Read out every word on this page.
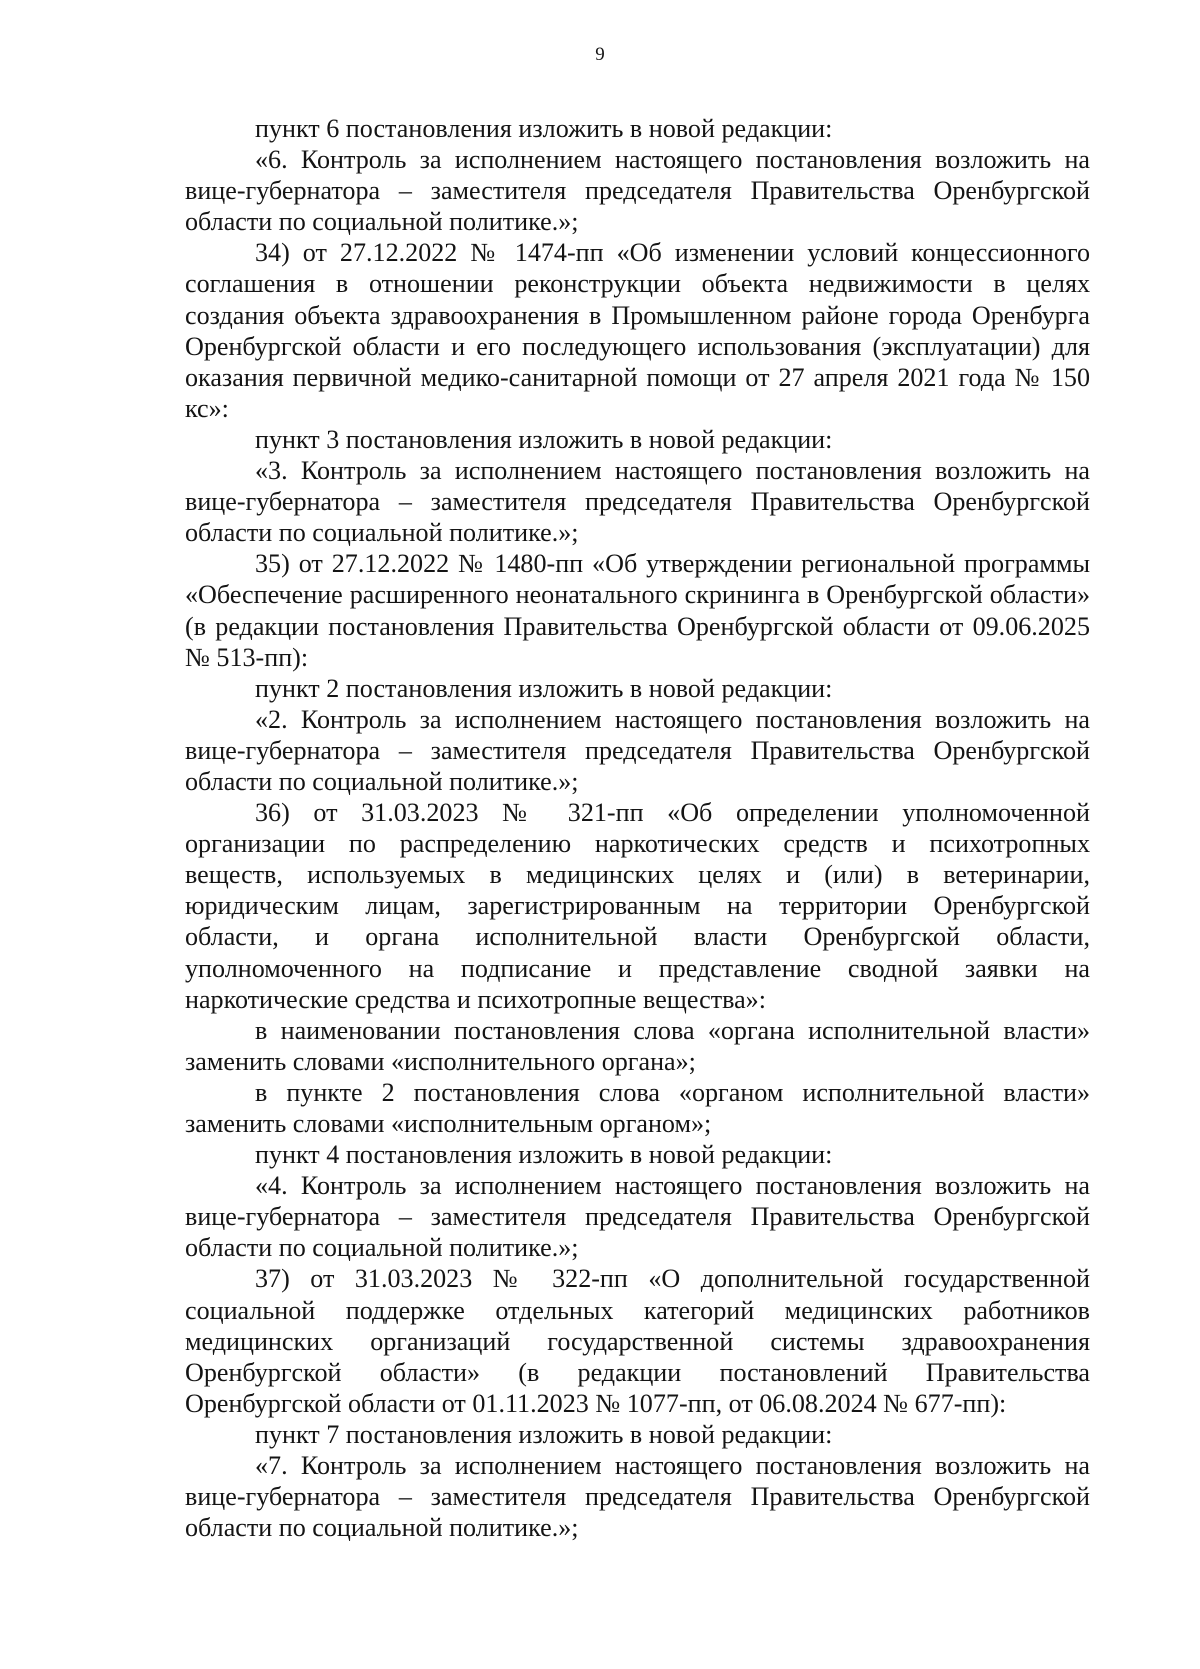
9

пункт 6 постановления изложить в новой редакции:

«6. Контроль за исполнением настоящего постановления возложить на вице-губернатора – заместителя председателя Правительства Оренбургской области по социальной политике.»;

34) от 27.12.2022 № 1474-пп «Об изменении условий концессионного соглашения в отношении реконструкции объекта недвижимости в целях создания объекта здравоохранения в Промышленном районе города Оренбурга Оренбургской области и его последующего использования (эксплуатации) для оказания первичной медико-санитарной помощи от 27 апреля 2021 года № 150 кс»:

пункт 3 постановления изложить в новой редакции:

«3. Контроль за исполнением настоящего постановления возложить на вице-губернатора – заместителя председателя Правительства Оренбургской области по социальной политике.»;

35) от 27.12.2022 № 1480-пп «Об утверждении региональной программы «Обеспечение расширенного неонатального скрининга в Оренбургской области» (в редакции постановления Правительства Оренбургской области от 09.06.2025 № 513-пп):

пункт 2 постановления изложить в новой редакции:

«2. Контроль за исполнением настоящего постановления возложить на вице-губернатора – заместителя председателя Правительства Оренбургской области по социальной политике.»;

36) от 31.03.2023 № 321-пп «Об определении уполномоченной организации по распределению наркотических средств и психотропных веществ, используемых в медицинских целях и (или) в ветеринарии, юридическим лицам, зарегистрированным на территории Оренбургской области, и органа исполнительной власти Оренбургской области, уполномоченного на подписание и представление сводной заявки на наркотические средства и психотропные вещества»:

в наименовании постановления слова «органа исполнительной власти» заменить словами «исполнительного органа»;

в пункте 2 постановления слова «органом исполнительной власти» заменить словами «исполнительным органом»;

пункт 4 постановления изложить в новой редакции:

«4. Контроль за исполнением настоящего постановления возложить на вице-губернатора – заместителя председателя Правительства Оренбургской области по социальной политике.»;

37) от 31.03.2023 № 322-пп «О дополнительной государственной социальной поддержке отдельных категорий медицинских работников медицинских организаций государственной системы здравоохранения Оренбургской области» (в редакции постановлений Правительства Оренбургской области от 01.11.2023 № 1077-пп, от 06.08.2024 № 677-пп):

пункт 7 постановления изложить в новой редакции:

«7. Контроль за исполнением настоящего постановления возложить на вице-губернатора – заместителя председателя Правительства Оренбургской области по социальной политике.»;
